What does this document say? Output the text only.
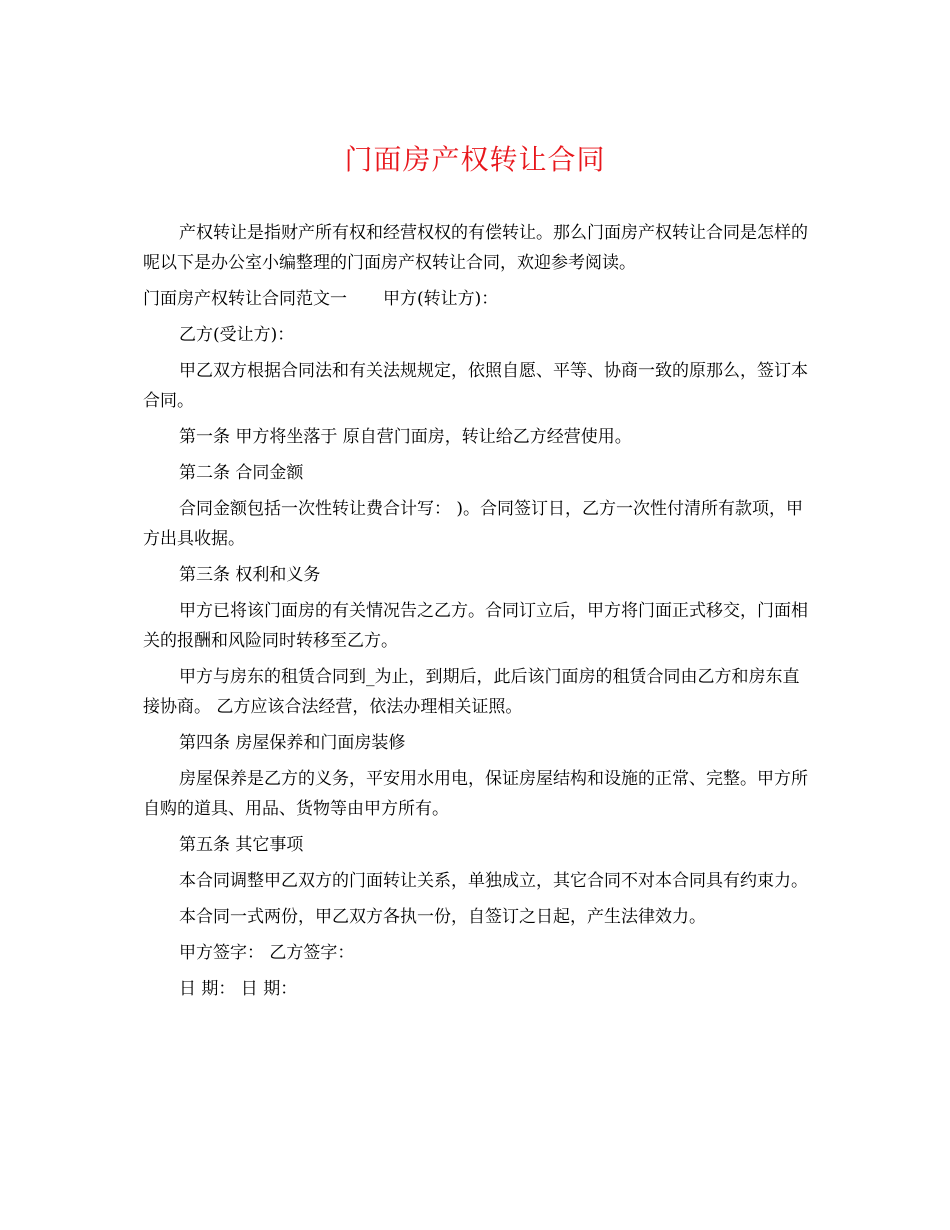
门面房产权转让合同

产权转让是指财产所有权和经营权权的有偿转让。那么门面房产权转让合同是怎样的呢以下是办公室小编整理的门面房产权转让合同，欢迎参考阅读。

门面房产权转让合同范文一 甲方(转让方)：

乙方(受让方)：

甲乙双方根据合同法和有关法规规定，依照自愿、平等、协商一致的原那么，签订本合同。

第一条 甲方将坐落于 原自营门面房，转让给乙方经营使用。

第二条 合同金额

合同金额包括一次性转让费合计写： )。合同签订日，乙方一次性付清所有款项，甲方出具收据。

第三条 权利和义务

甲方已将该门面房的有关情况告之乙方。合同订立后，甲方将门面正式移交，门面相关的报酬和风险同时转移至乙方。

甲方与房东的租赁合同到_为止，到期后，此后该门面房的租赁合同由乙方和房东直接协商。 乙方应该合法经营，依法办理相关证照。

第四条 房屋保养和门面房装修

房屋保养是乙方的义务，平安用水用电，保证房屋结构和设施的正常、完整。甲方所自购的道具、用品、货物等由甲方所有。

第五条 其它事项

本合同调整甲乙双方的门面转让关系，单独成立，其它合同不对本合同具有约束力。

本合同一式两份，甲乙双方各执一份，自签订之日起，产生法律效力。

甲方签字： 乙方签字：

日 期： 日 期：
